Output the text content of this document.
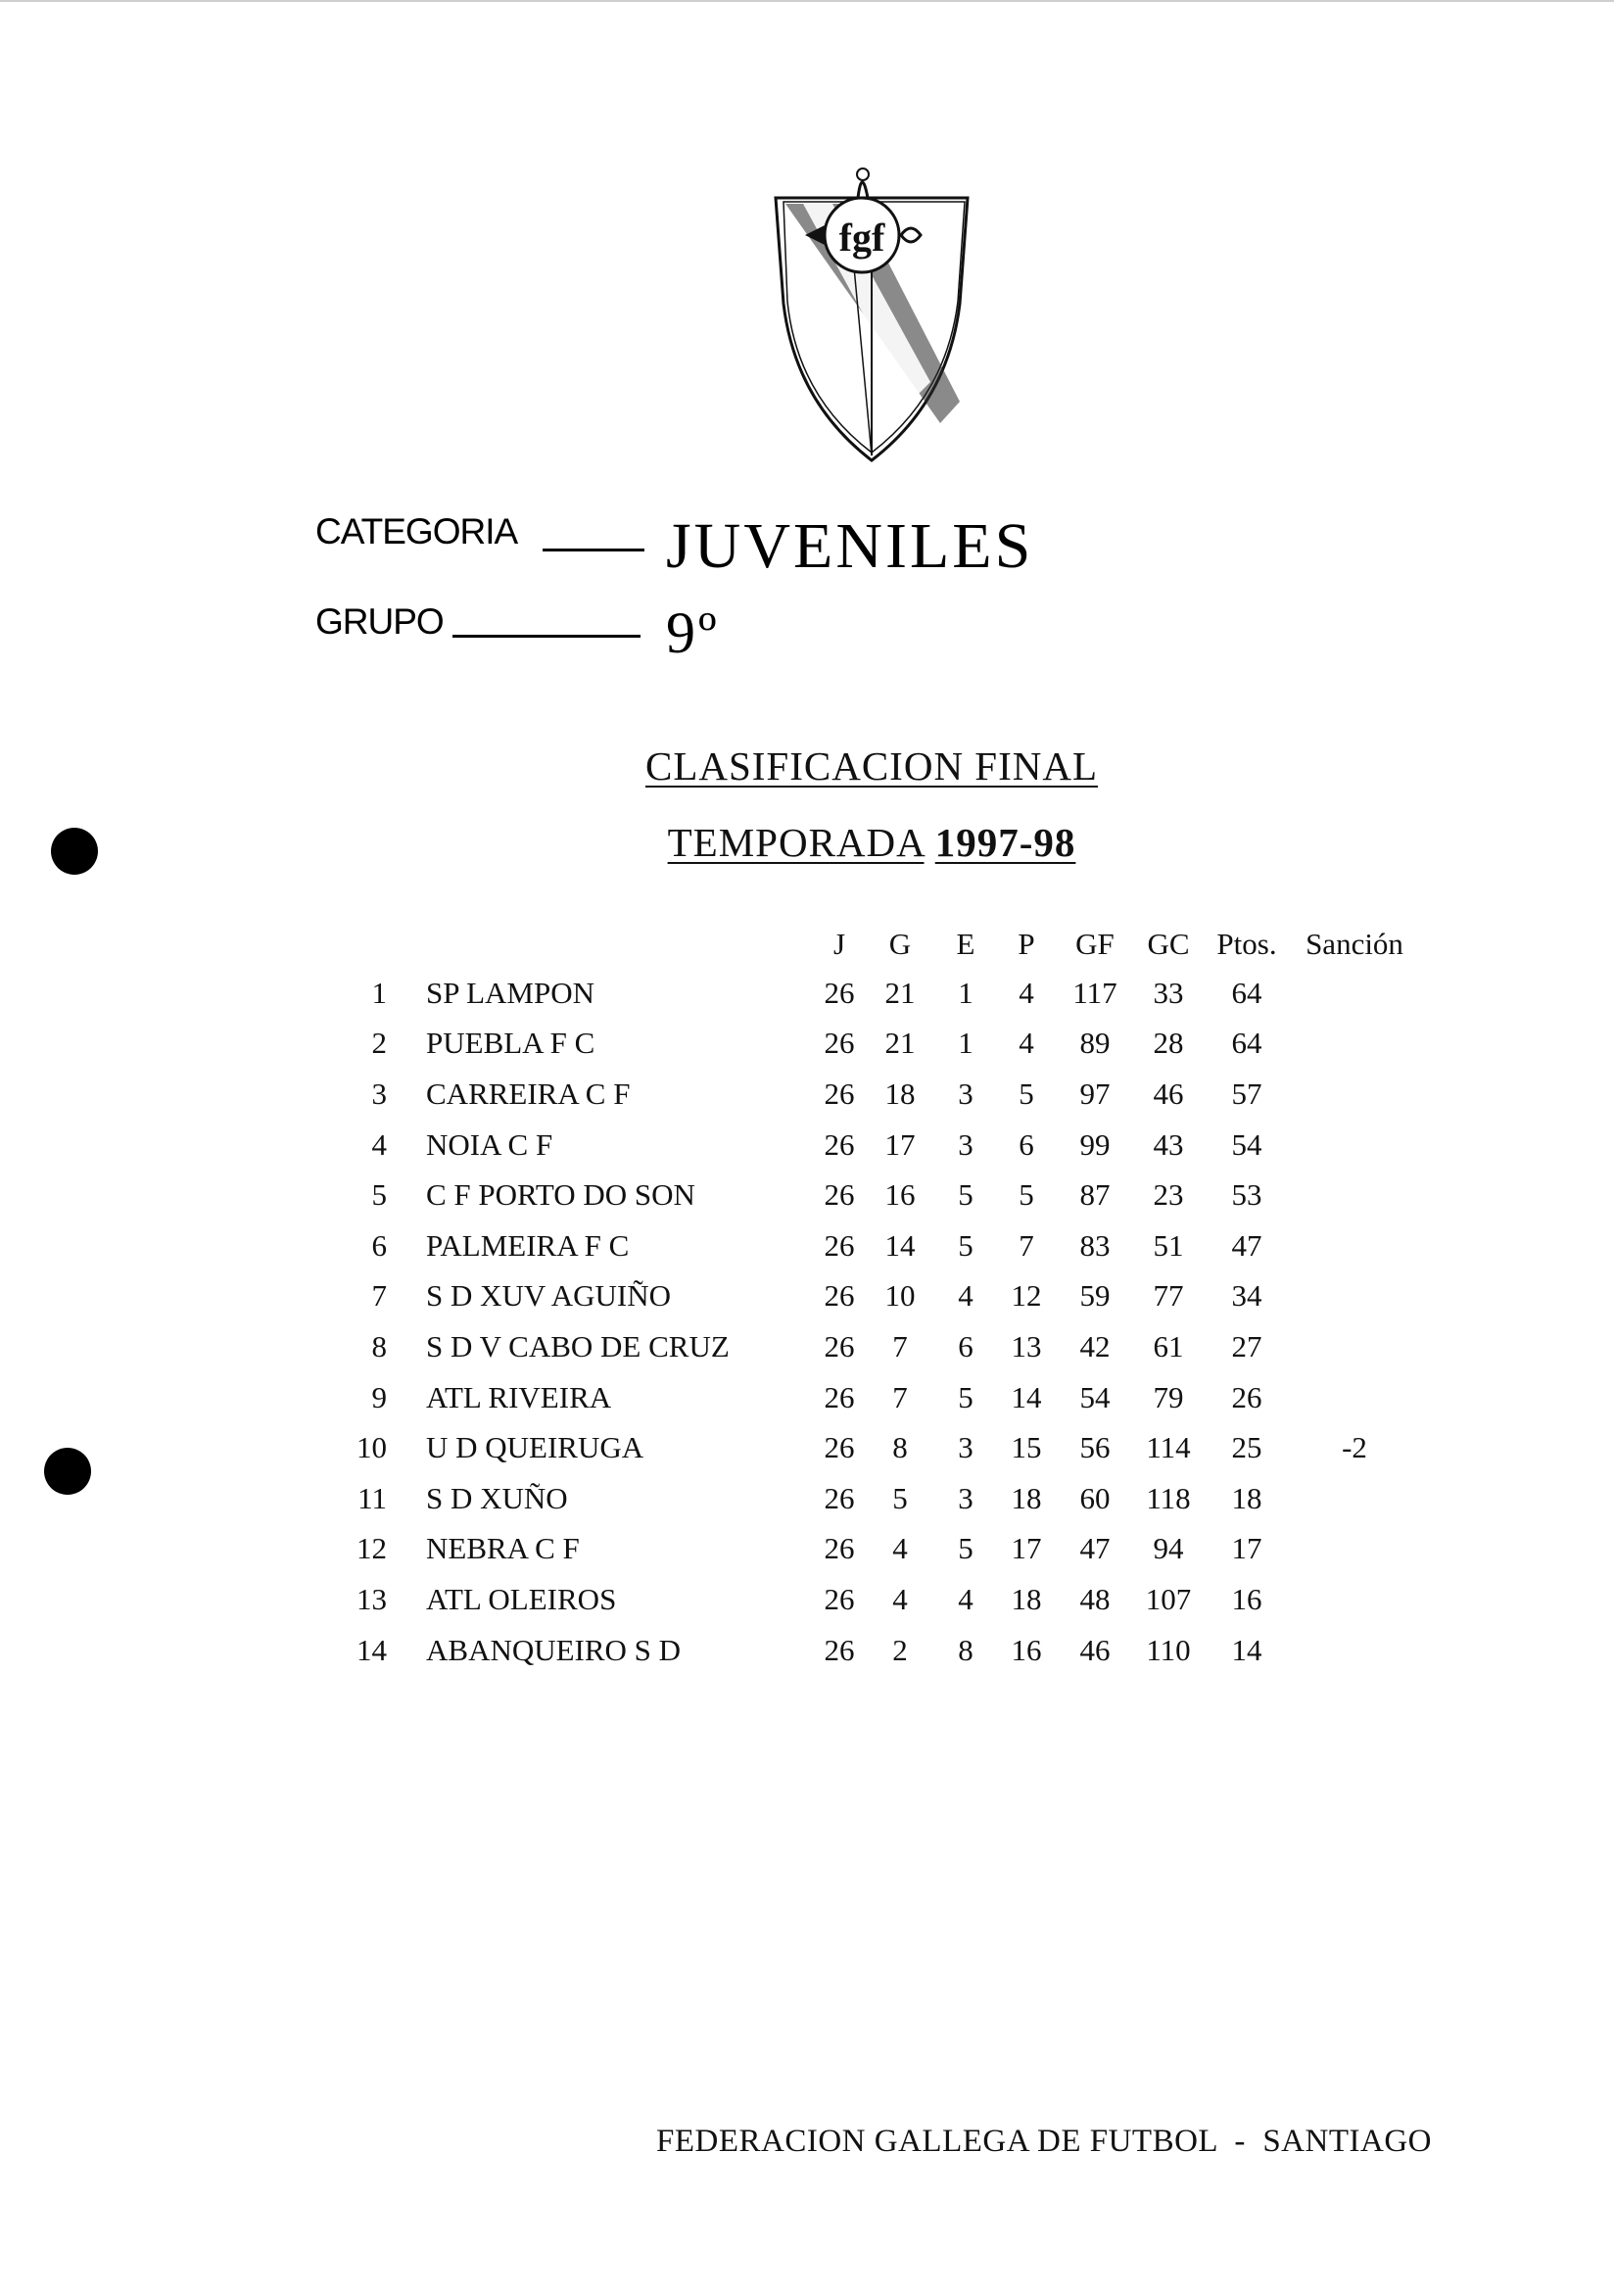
fgf
CATEGORIA JUVENILES
GRUPO	9º
CLASIFICACION FINAL
TEMPORADA 1997-98
		J	G	E	P	GF	GC	Ptos.	Sanción
1	SP LAMPON	26	21	1	4	117	33	64	
2	PUEBLA F C	26	21	1	4	89	28	64	
3	CARREIRA C F	26	18	3	5	97	46	57	
4	NOIA C F	26	17	3	6	99	43	54	
5	C F PORTO DO SON	26	16	5	5	87	23	53	
6	PALMEIRA F C	26	14	5	7	83	51	47	
7	S D XUV AGUIÑO	26	10	4	12	59	77	34	
8	S D V CABO DE CRUZ	26	7	6	13	42	61	27	
9	ATL RIVEIRA	26	7	5	14	54	79	26	
10	U D QUEIRUGA	26	8	3	15	56	114	25	-2
11	S D XUÑO	26	5	3	18	60	118	18	
12	NEBRA C F	26	4	5	17	47	94	17	
13	ATL OLEIROS	26	4	4	18	48	107	16	
14	ABANQUEIRO S D	26	2	8	16	46	110	14	
FEDERACION GALLEGA DE FUTBOL  -  SANTIAGO
